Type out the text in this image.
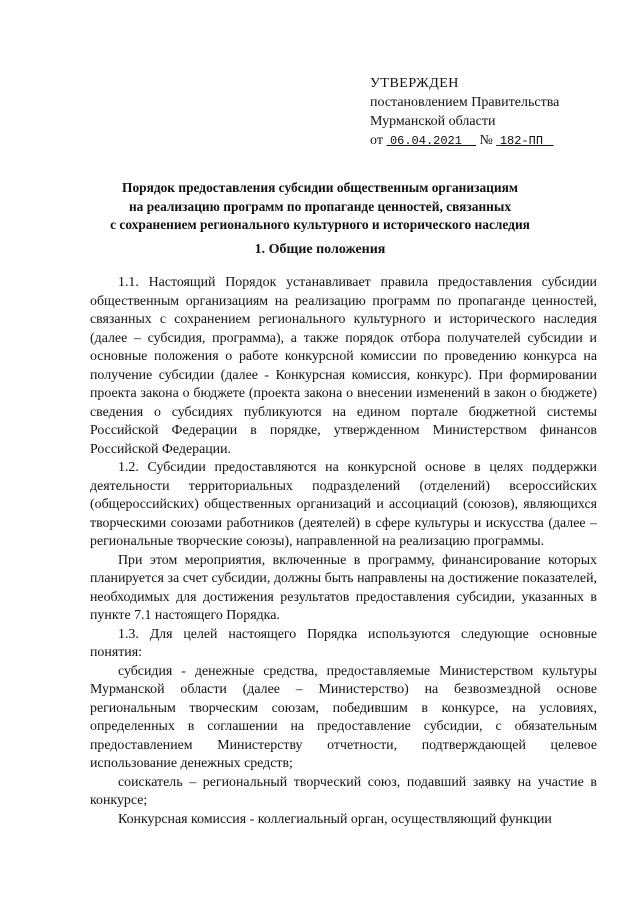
УТВЕРЖДЕН
постановлением Правительства
Мурманской области
от 06.04.2021 № 182-ПП
Порядок предоставления субсидии общественным организациям
на реализацию программ по пропаганде ценностей, связанных
с сохранением регионального культурного и исторического наследия
1. Общие положения

1.1. Настоящий Порядок устанавливает правила предоставления субсидии общественным организациям на реализацию программ по пропаганде ценностей, связанных с сохранением регионального культурного и исторического наследия (далее – субсидия, программа), а также порядок отбора получателей субсидии и основные положения о работе конкурсной комиссии по проведению конкурса на получение субсидии (далее - Конкурсная комиссия, конкурс). При формировании проекта закона о бюджете (проекта закона о внесении изменений в закон о бюджете) сведения о субсидиях публикуются на едином портале бюджетной системы Российской Федерации в порядке, утвержденном Министерством финансов Российской Федерации.

1.2. Субсидии предоставляются на конкурсной основе в целях поддержки деятельности территориальных подразделений (отделений) всероссийских (общероссийских) общественных организаций и ассоциаций (союзов), являющихся творческими союзами работников (деятелей) в сфере культуры и искусства (далее – региональные творческие союзы), направленной на реализацию программы.

При этом мероприятия, включенные в программу, финансирование которых планируется за счет субсидии, должны быть направлены на достижение показателей, необходимых для достижения результатов предоставления субсидии, указанных в пункте 7.1 настоящего Порядка.

1.3. Для целей настоящего Порядка используются следующие основные понятия:

субсидия - денежные средства, предоставляемые Министерством культуры Мурманской области (далее – Министерство) на безвозмездной основе региональным творческим союзам, победившим в конкурсе, на условиях, определенных в соглашении на предоставление субсидии, с обязательным предоставлением Министерству отчетности, подтверждающей целевое использование денежных средств;

соискатель – региональный творческий союз, подавший заявку на участие в конкурсе;

Конкурсная комиссия - коллегиальный орган, осуществляющий функции
